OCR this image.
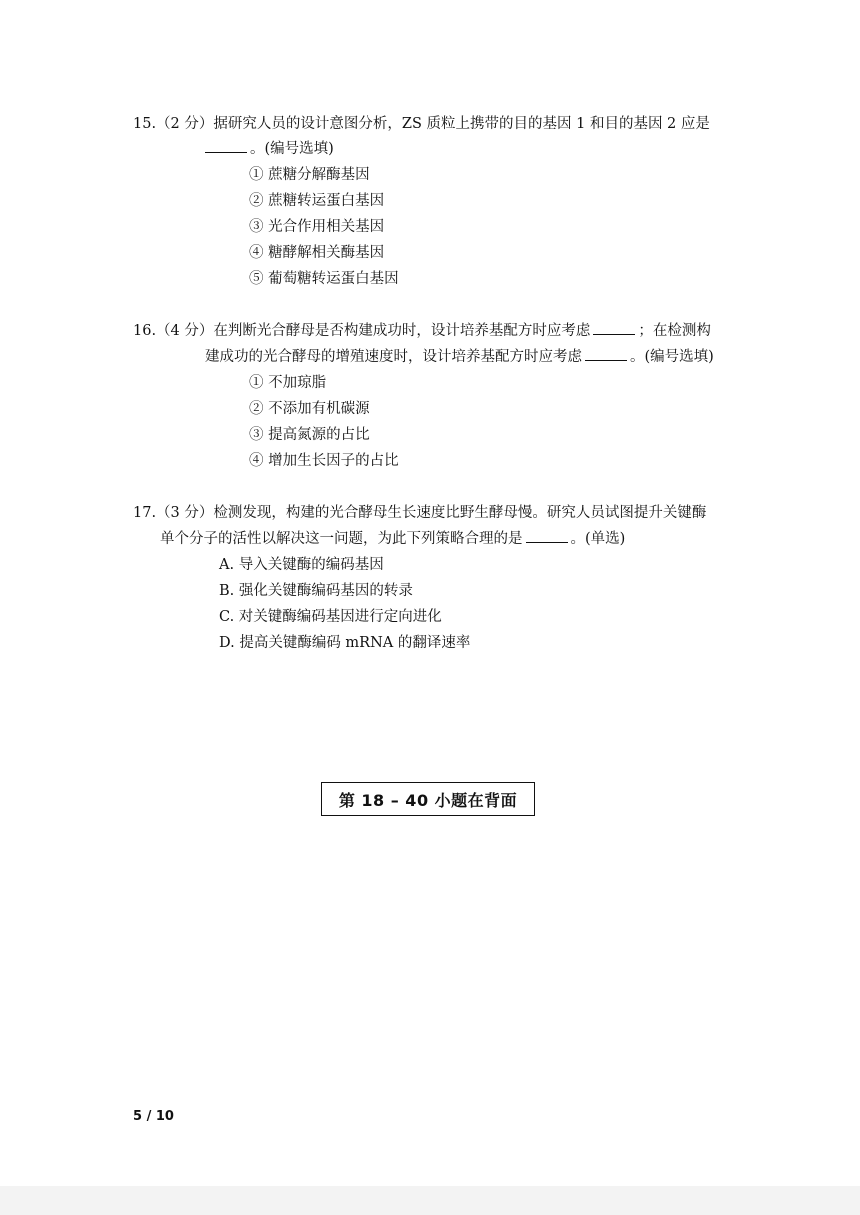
15.（2 分）据研究人员的设计意图分析，ZS 质粒上携带的目的基因 1 和目的基因 2 应是
。(编号选填)
① 蔗糖分解酶基因
② 蔗糖转运蛋白基因
③ 光合作用相关基因
④ 糖酵解相关酶基因
⑤ 葡萄糖转运蛋白基因
16.（4 分）在判断光合酵母是否构建成功时，设计培养基配方时应考虑	；在检测构
建成功的光合酵母的增殖速度时，设计培养基配方时应考虑	。(编号选填)
① 不加琼脂
② 不添加有机碳源
③ 提高氮源的占比
④ 增加生长因子的占比
17.（3 分）检测发现，构建的光合酵母生长速度比野生酵母慢。研究人员试图提升关键酶
单个分子的活性以解决这一问题，为此下列策略合理的是	。(单选)
A. 导入关键酶的编码基因
B. 强化关键酶编码基因的转录
C. 对关键酶编码基因进行定向进化
D. 提高关键酶编码 mRNA 的翻译速率
第 18 – 40 小题在背面
5 / 10
